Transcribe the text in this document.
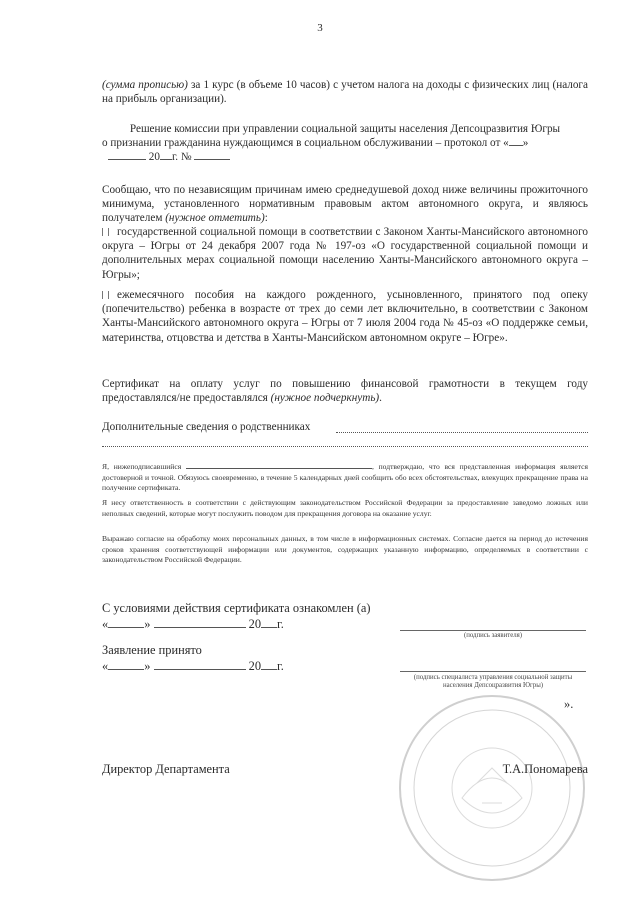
3
(сумма прописью) за 1 курс (в объеме 10 часов) с учетом налога на доходы с физических лиц (налога на прибыль организации).
Решение комиссии при управлении социальной защиты населения Депсоцразвития Югры
о признании гражданина нуждающимся в социальном обслуживании – протокол от « »
20 г. №
Сообщаю, что по независящим причинам имею среднедушевой доход ниже величины прожиточного минимума, установленного нормативным правовым актом автономного округа, и являюсь получателем (нужное отметить):
государственной социальной помощи в соответствии с Законом Ханты-Мансийского автономного округа – Югры от 24 декабря 2007 года № 197-оз «О государственной социальной помощи и дополнительных мерах социальной помощи населению Ханты-Мансийского автономного округа – Югры»;
ежемесячного пособия на каждого рожденного, усыновленного, принятого под опеку (попечительство) ребенка в возрасте от трех до семи лет включительно, в соответствии с Законом Ханты-Мансийского автономного округа – Югры от 7 июля 2004 года № 45-оз «О поддержке семьи, материнства, отцовства и детства в Ханты-Мансийском автономном округе – Югре».
Сертификат на оплату услуг по повышению финансовой грамотности в текущем году предоставлялся/не предоставлялся (нужное подчеркнуть).
Дополнительные сведения о родственниках
Я, нижеподписавшийся	, подтверждаю, что вся представленная информация является достоверной и точной. Обязуюсь своевременно, в течение 5 календарных дней сообщить обо всех обстоятельствах, влекущих прекращение права на получение сертификата.
Я несу ответственность в соответствии с действующим законодательством Российской Федерации за предоставление заведомо ложных или неполных сведений, которые могут послужить поводом для прекращения договора на оказание услуг.
Выражаю согласие на обработку моих персональных данных, в том числе в информационных системах. Согласие дается на период до истечения сроков хранения соответствующей информации или документов, содержащих указанную информацию, определяемых в соответствии с законодательством Российской Федерации.
С условиями действия сертификата ознакомлен (а)
«	»	20 г.
(подпись заявителя)
Заявление принято
«	»	20 г.
(подпись специалиста управления социальной защиты населения Депсоцразвития Югры)
».
Директор Департамента	Т.А.Пономарева
